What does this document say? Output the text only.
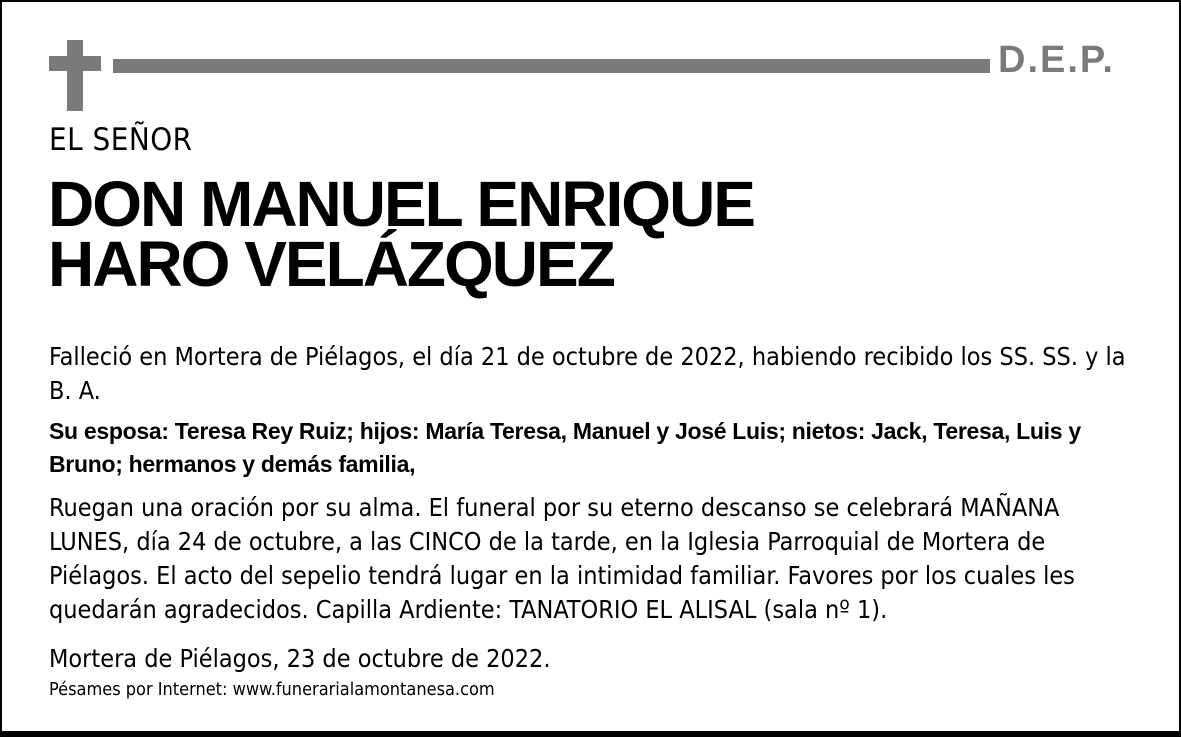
D.E.P.
EL SEÑOR
DON MANUEL ENRIQUE
HARO VELÁZQUEZ

Falleció en Mortera de Piélagos, el día 21 de octubre de 2022, habiendo recibido los SS. SS. y la B. A.

Su esposa: Teresa Rey Ruiz; hijos: María Teresa, Manuel y José Luis; nietos: Jack, Teresa, Luis y Bruno; hermanos y demás familia,

Ruegan una oración por su alma. El funeral por su eterno descanso se celebrará MAÑANA LUNES, día 24 de octubre, a las CINCO de la tarde, en la Iglesia Parroquial de Mortera de Piélagos. El acto del sepelio tendrá lugar en la intimidad familiar. Favores por los cuales les quedarán agradecidos. Capilla Ardiente: TANATORIO EL ALISAL (sala nº 1).

Mortera de Piélagos, 23 de octubre de 2022.
Pésames por Internet: www.funerarialamontanesa.com
